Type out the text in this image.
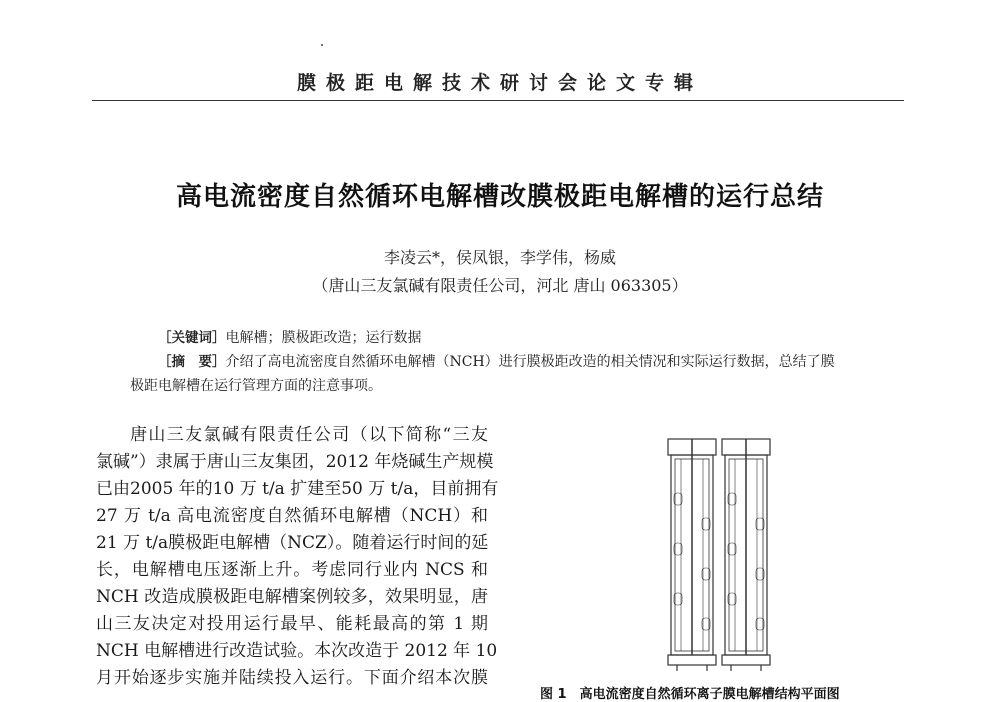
膜极距电解技术研讨会论文专辑
高电流密度自然循环电解槽改膜极距电解槽的运行总结
李凌云*，侯凤银，李学伟，杨威
（唐山三友氯碱有限责任公司，河北 唐山 063305）
［关键词］电解槽；膜极距改造；运行数据
［摘　要］介绍了高电流密度自然循环电解槽（NCH）进行膜极距改造的相关情况和实际运行数据，总结了膜
极距电解槽在运行管理方面的注意事项。
唐山三友氯碱有限责任公司（以下简称“三友
氯碱”）隶属于唐山三友集团，2012 年烧碱生产规模
已由2005 年的10 万 t/a 扩建至50 万 t/a，目前拥有
27 万 t/a 高电流密度自然循环电解槽（NCH）和
21 万 t/a膜极距电解槽（NCZ）。随着运行时间的延
长，电解槽电压逐渐上升。考虑同行业内 NCS 和
NCH 改造成膜极距电解槽案例较多，效果明显，唐
山三友决定对投用运行最早、能耗最高的第 1 期
NCH 电解槽进行改造试验。本次改造于 2012 年 10
月开始逐步实施并陆续投入运行。下面介绍本次膜
图 1　高电流密度自然循环离子膜电解槽结构平面图
